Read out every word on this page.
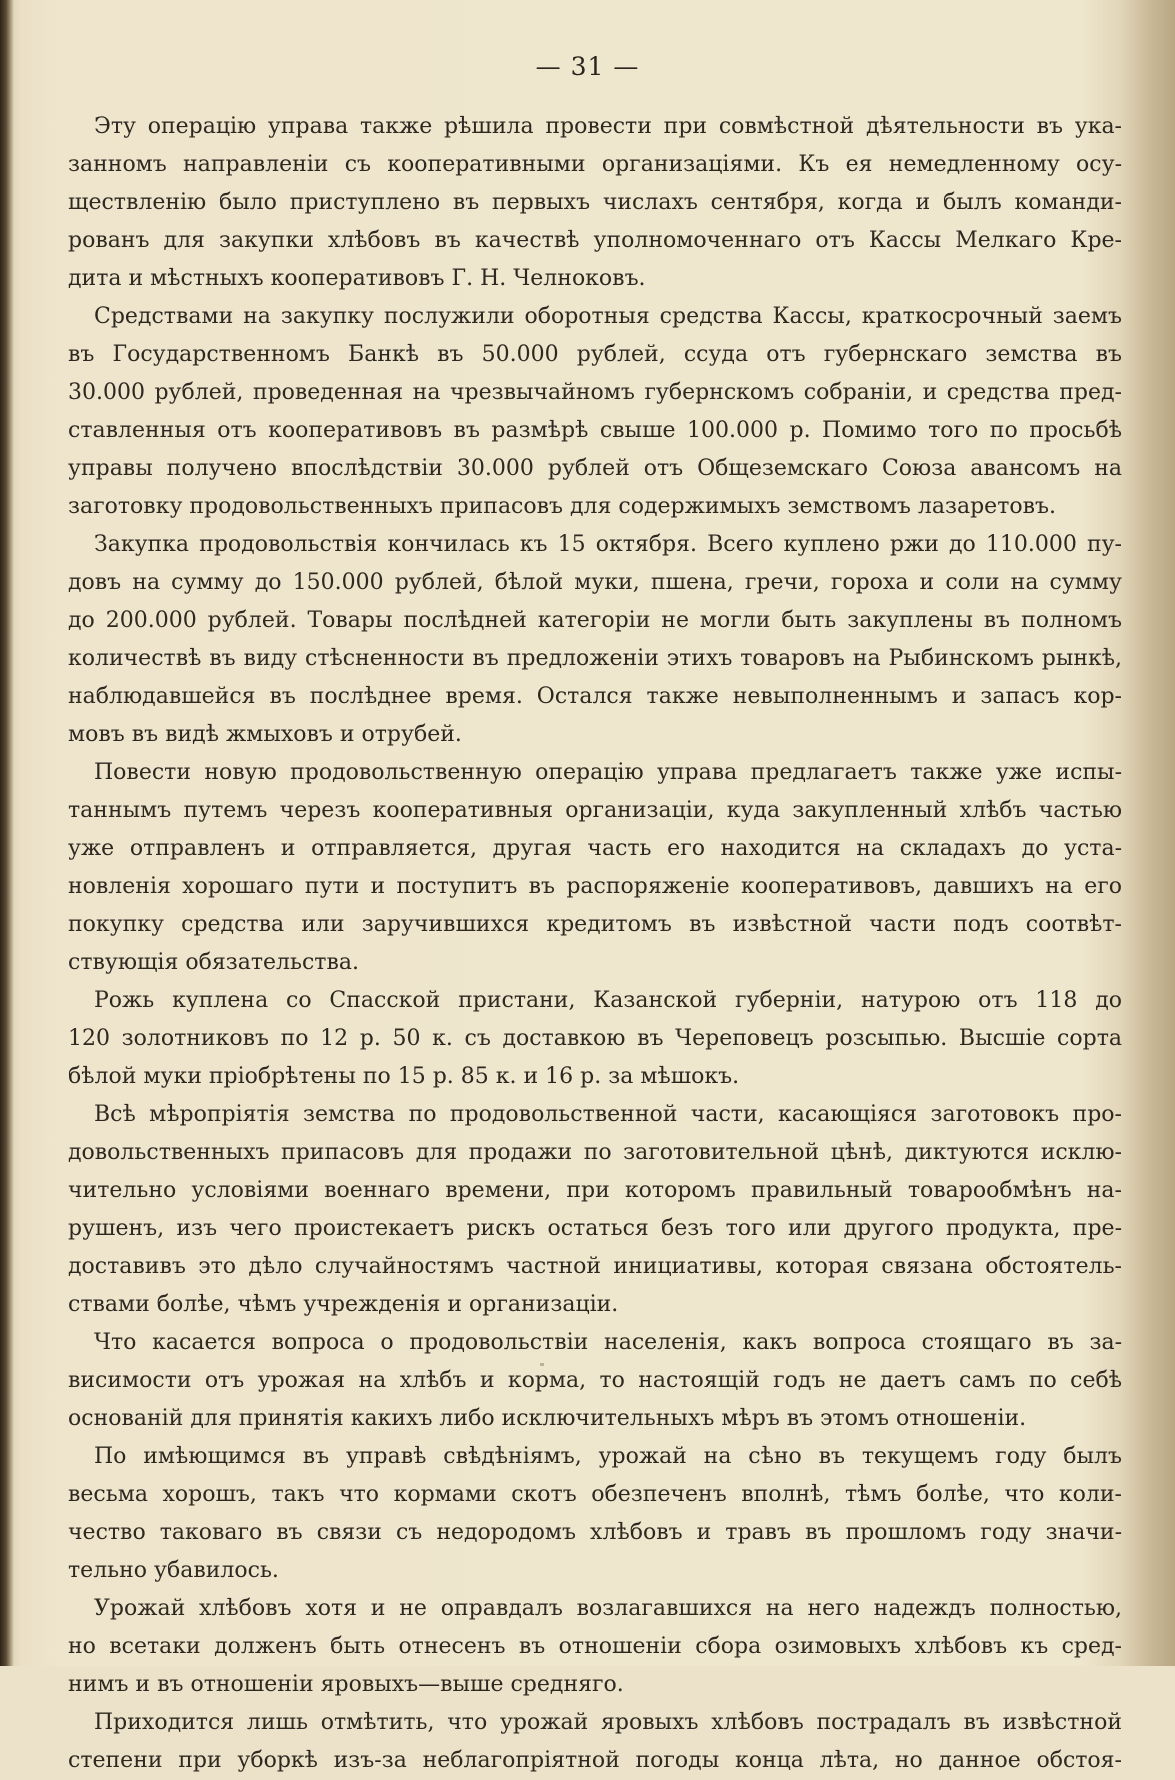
— 31 —
Эту операцію управа также рѣшила провести при совмѣстной дѣятельности въ ука-
занномъ направленіи съ кооперативными организаціями. Къ ея немедленному осу-
ществленію было приступлено въ первыхъ числахъ сентября, когда и былъ команди-
рованъ для закупки хлѣбовъ въ качествѣ уполномоченнаго отъ Кассы Мелкаго Кре-
дита и мѣстныхъ кооперативовъ Г. Н. Челноковъ.
Средствами на закупку послужили оборотныя средства Кассы, краткосрочный заемъ
въ Государственномъ Банкѣ въ 50.000 рублей, ссуда отъ губернскаго земства въ
30.000 рублей, проведенная на чрезвычайномъ губернскомъ собраніи, и средства пред-
ставленныя отъ кооперативовъ въ размѣрѣ свыше 100.000 р. Помимо того по просьбѣ
управы получено впослѣдствіи 30.000 рублей отъ Общеземскаго Союза авансомъ на
заготовку продовольственныхъ припасовъ для содержимыхъ земствомъ лазаретовъ.
Закупка продовольствія кончилась къ 15 октября. Всего куплено ржи до 110.000 пу-
довъ на сумму до 150.000 рублей, бѣлой муки, пшена, гречи, гороха и соли на сумму
до 200.000 рублей. Товары послѣдней категоріи не могли быть закуплены въ полномъ
количествѣ въ виду стѣсненности въ предложеніи этихъ товаровъ на Рыбинскомъ рынкѣ,
наблюдавшейся въ послѣднее время. Остался также невыполненнымъ и запасъ кор-
мовъ въ видѣ жмыховъ и отрубей.
Повести новую продовольственную операцію управа предлагаетъ также уже испы-
таннымъ путемъ черезъ кооперативныя организаціи, куда закупленный хлѣбъ частью
уже отправленъ и отправляется, другая часть его находится на складахъ до уста-
новленія хорошаго пути и поступитъ въ распоряженіе кооперативовъ, давшихъ на его
покупку средства или заручившихся кредитомъ въ извѣстной части подъ соотвѣт-
ствующія обязательства.
Рожь куплена со Спасской пристани, Казанской губерніи, натурою отъ 118 до
120 золотниковъ по 12 р. 50 к. съ доставкою въ Череповецъ розсыпью. Высшіе сорта
бѣлой муки пріобрѣтены по 15 р. 85 к. и 16 р. за мѣшокъ.
Всѣ мѣропріятія земства по продовольственной части, касающіяся заготовокъ про-
довольственныхъ припасовъ для продажи по заготовительной цѣнѣ, диктуются исклю-
чительно условіями военнаго времени, при которомъ правильный товарообмѣнъ на-
рушенъ, изъ чего проистекаетъ рискъ остаться безъ того или другого продукта, пре-
доставивъ это дѣло случайностямъ частной инициативы, которая связана обстоятель-
ствами болѣе, чѣмъ учрежденія и организаціи.
Что касается вопроса о продовольствіи населенія, какъ вопроса стоящаго въ за-
висимости отъ урожая на хлѣбъ и корма, то настоящій годъ не даетъ самъ по себѣ
основаній для принятія какихъ либо исключительныхъ мѣръ въ этомъ отношеніи.
По имѣющимся въ управѣ свѣдѣніямъ, урожай на сѣно въ текущемъ году былъ
весьма хорошъ, такъ что кормами скотъ обезпеченъ вполнѣ, тѣмъ болѣе, что коли-
чество таковаго въ связи съ недородомъ хлѣбовъ и травъ въ прошломъ году значи-
тельно убавилось.
Урожай хлѣбовъ хотя и не оправдалъ возлагавшихся на него надеждъ полностью,
но всетаки долженъ быть отнесенъ въ отношеніи сбора озимовыхъ хлѣбовъ къ сред-
нимъ и въ отношеніи яровыхъ—выше средняго.
Приходится лишь отмѣтить, что урожай яровыхъ хлѣбовъ пострадалъ въ извѣстной
степени при уборкѣ изъ-за неблагопріятной погоды конца лѣта, но данное обстоя-
